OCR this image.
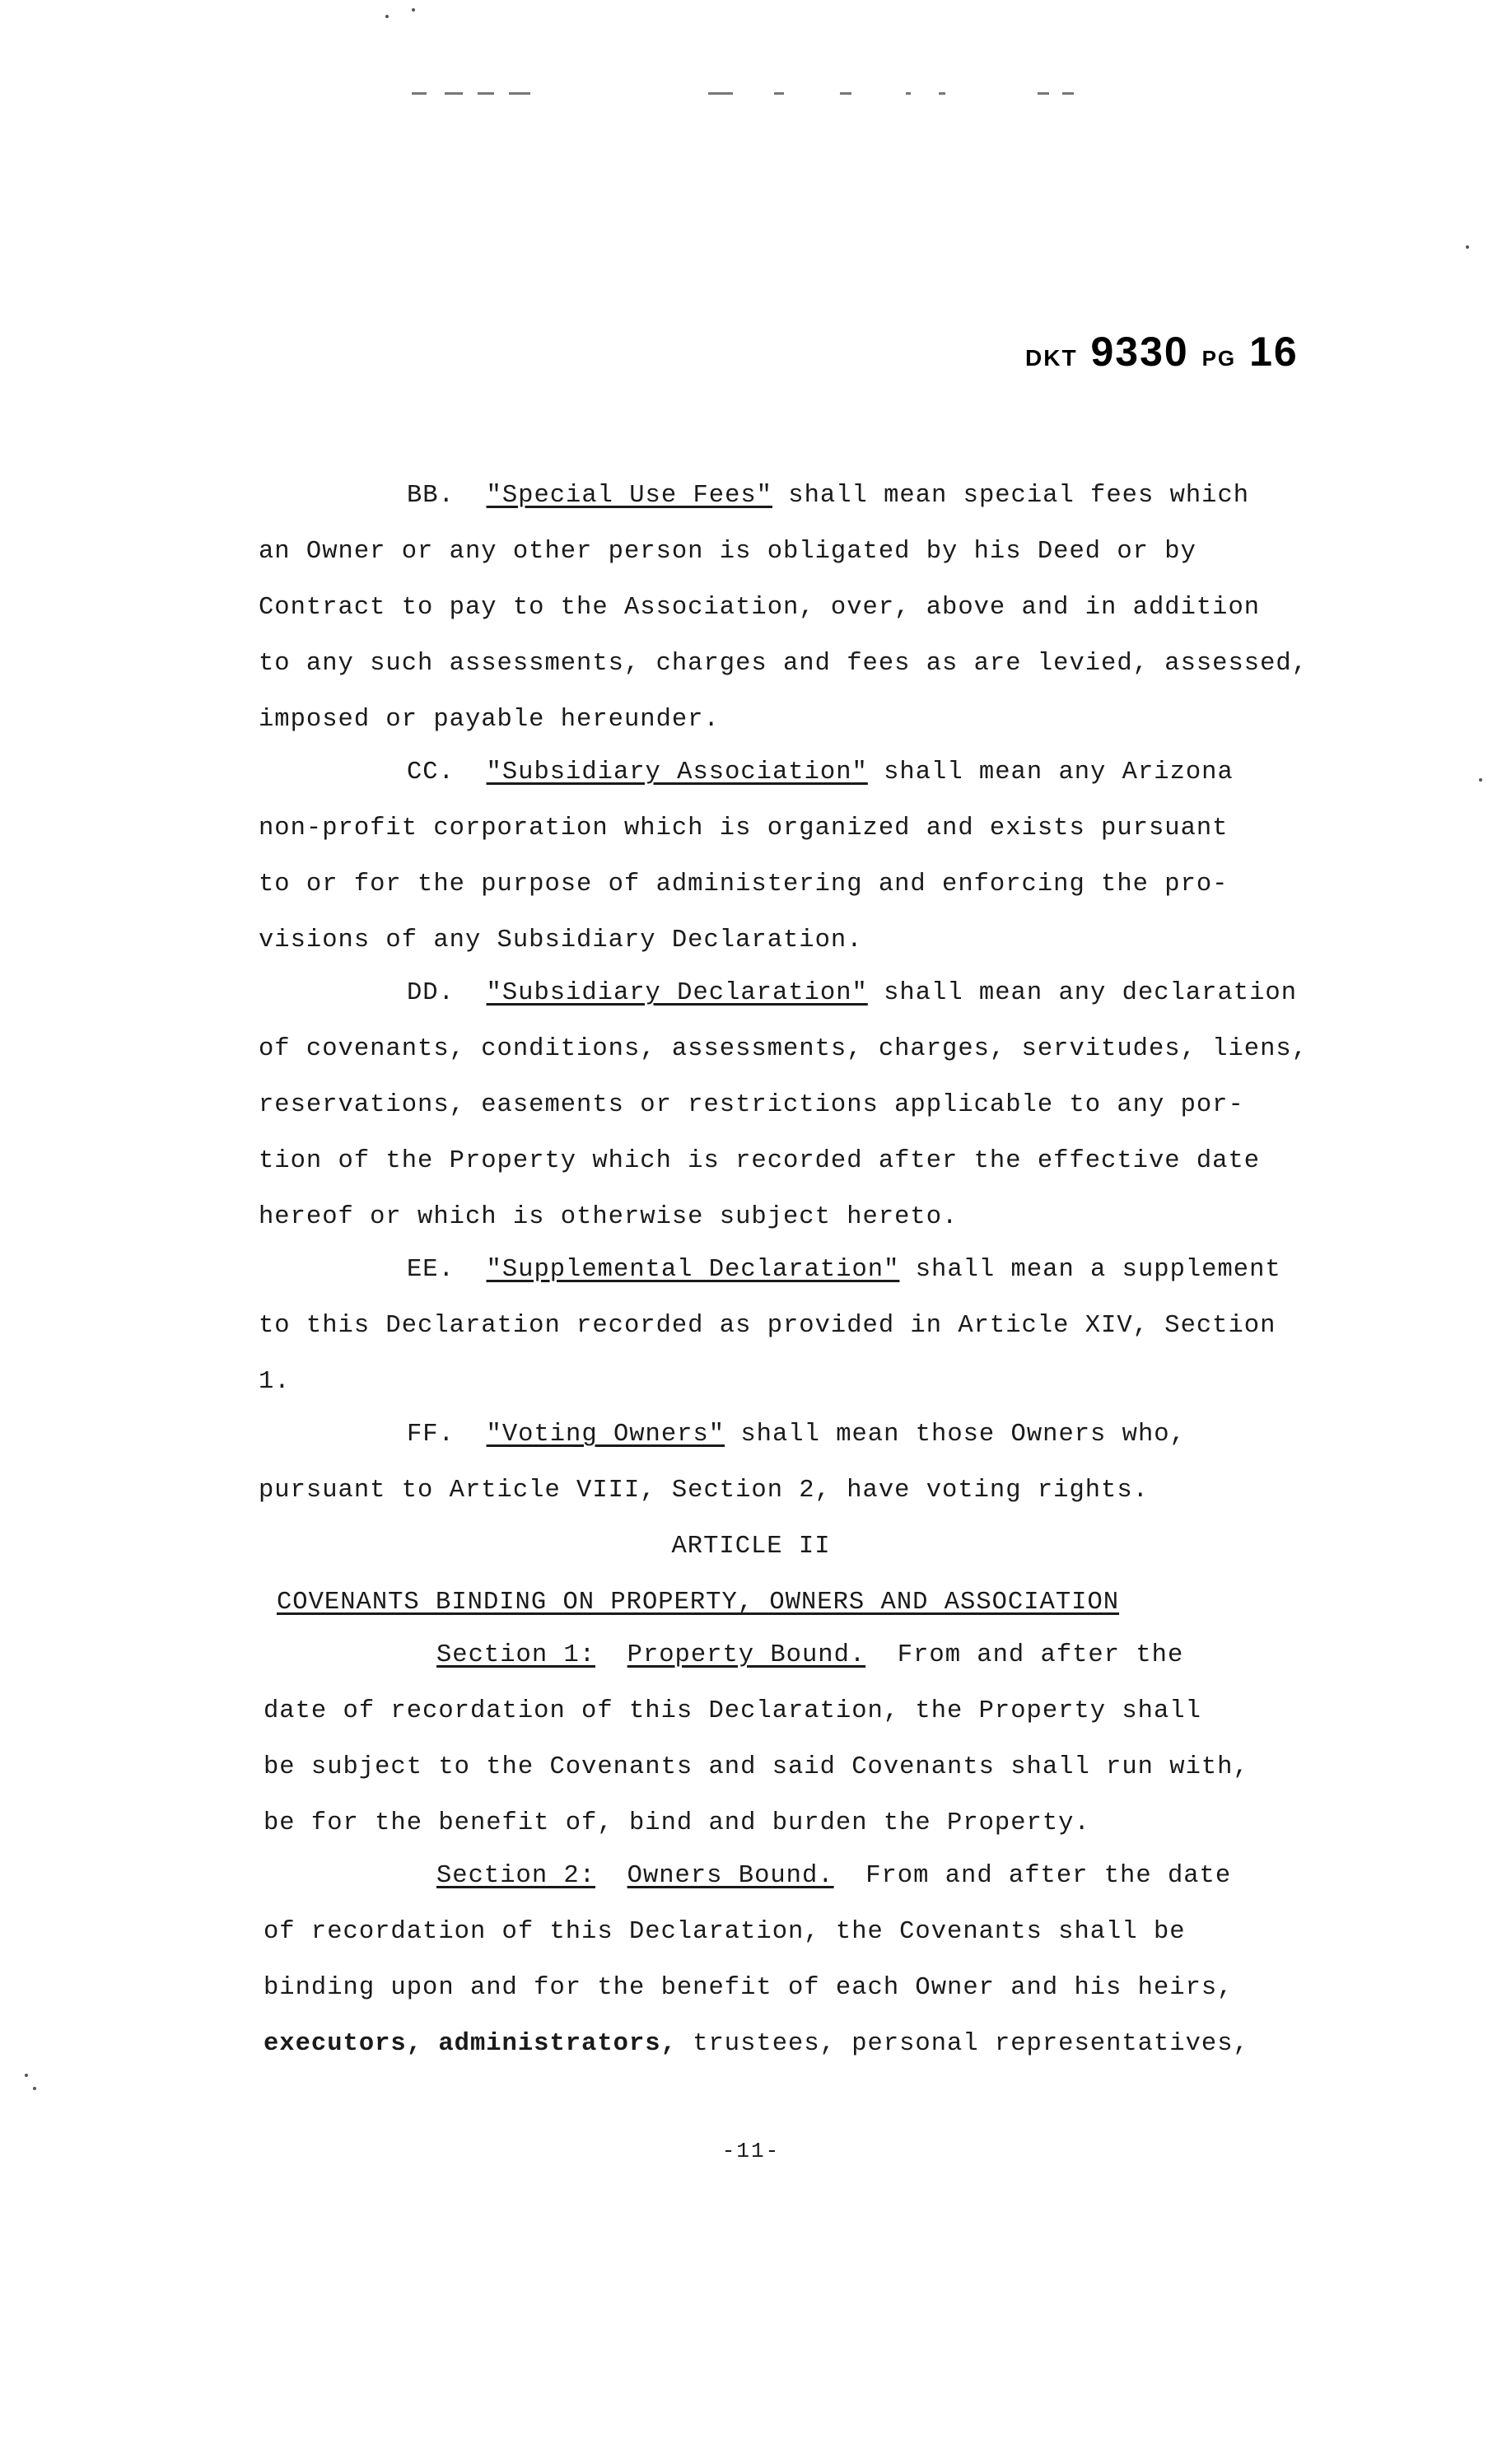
DKT 9330 PG 16
BB. "Special Use Fees" shall mean special fees which
an Owner or any other person is obligated by his Deed or by
Contract to pay to the Association, over, above and in addition
to any such assessments, charges and fees as are levied, assessed,
imposed or payable hereunder.
CC. "Subsidiary Association" shall mean any Arizona
non-profit corporation which is organized and exists pursuant
to or for the purpose of administering and enforcing the pro-
visions of any Subsidiary Declaration.
DD. "Subsidiary Declaration" shall mean any declaration
of covenants, conditions, assessments, charges, servitudes, liens,
reservations, easements or restrictions applicable to any por-
tion of the Property which is recorded after the effective date
hereof or which is otherwise subject hereto.
EE. "Supplemental Declaration" shall mean a supplement
to this Declaration recorded as provided in Article XIV, Section
1.
FF. "Voting Owners" shall mean those Owners who,
pursuant to Article VIII, Section 2, have voting rights.
ARTICLE II
COVENANTS BINDING ON PROPERTY, OWNERS AND ASSOCIATION
Section 1: Property Bound.  From and after the
date of recordation of this Declaration, the Property shall
be subject to the Covenants and said Covenants shall run with,
be for the benefit of, bind and burden the Property.
Section 2: Owners Bound.  From and after the date
of recordation of this Declaration, the Covenants shall be
binding upon and for the benefit of each Owner and his heirs,
executors, administrators, trustees, personal representatives,
-11-
